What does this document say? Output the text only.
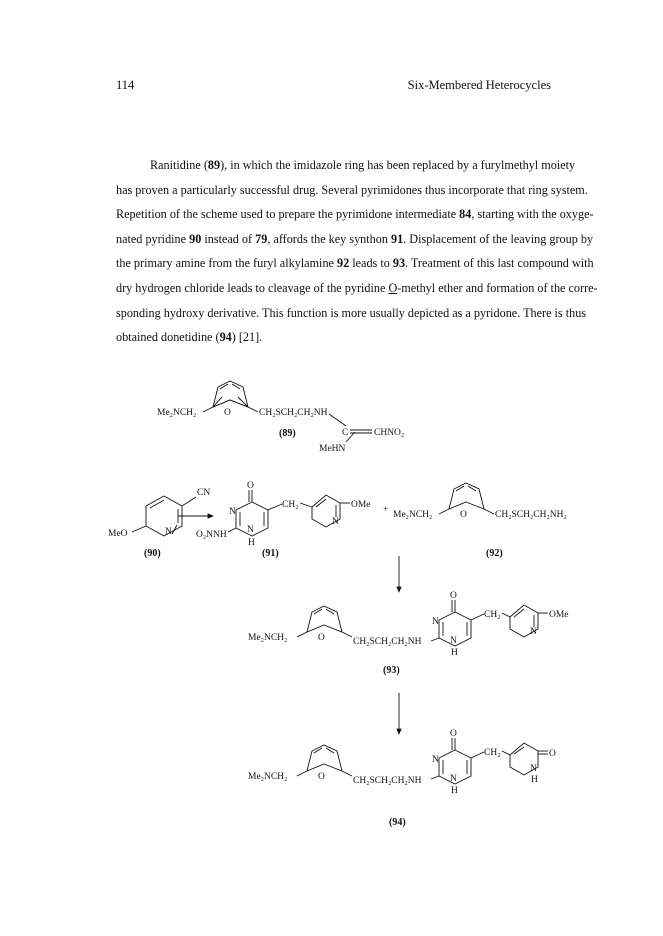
114	Six-Membered Heterocycles
Ranitidine (89), in which the imidazole ring has been replaced by a furylmethyl moiety
has proven a particularly successful drug. Several pyrimidones thus incorporate that ring system.
Repetition of the scheme used to prepare the pyrimidone intermediate 84, starting with the oxyge-
nated pyridine 90 instead of 79, affords the key synthon 91. Displacement of the leaving group by
the primary amine from the furyl alkylamine 92 leads to 93. Treatment of this last compound with
dry hydrogen chloride leads to cleavage of the pyridine O-methyl ether and formation of the corre-
sponding hydroxy derivative. This function is more usually depicted as a pyridone. There is thus
obtained donetidine (94) [21].
Me₂NCH₂	O	CH₂SCH₂CH₂NH
C	CHNO₂
MeHN
(89)
CN
MeO	N
(90)
O
N
CH₂	OMe
N
O₂NNH N
H
(91)
+ Me₂NCH₂	O	CH₂SCH₂CH₂NH₂
(92)
O
N
CH₂	OMe
N
Me₂NCH₂	O	CH₂SCH₂CH₂NH	N
H
(93)
O
N
CH₂
N
O
H
Me₂NCH₂	O	CH₂SCH₂CH₂NH	N
H
(94)
